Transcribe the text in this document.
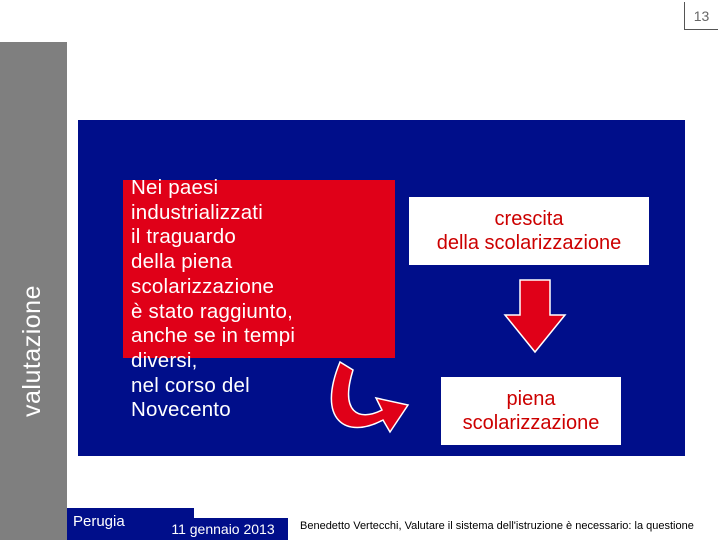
13
valutazione
Nei paesi
industrializzati
il traguardo
della piena
scolarizzazione
è stato raggiunto,
anche se in tempi
diversi,
nel corso del
Novecento
crescita
della scolarizzazione
piena
scolarizzazione
Perugia	11 gennaio 2013	Benedetto Vertecchi, Valutare il sistema dell'istruzione è necessario: la questione
